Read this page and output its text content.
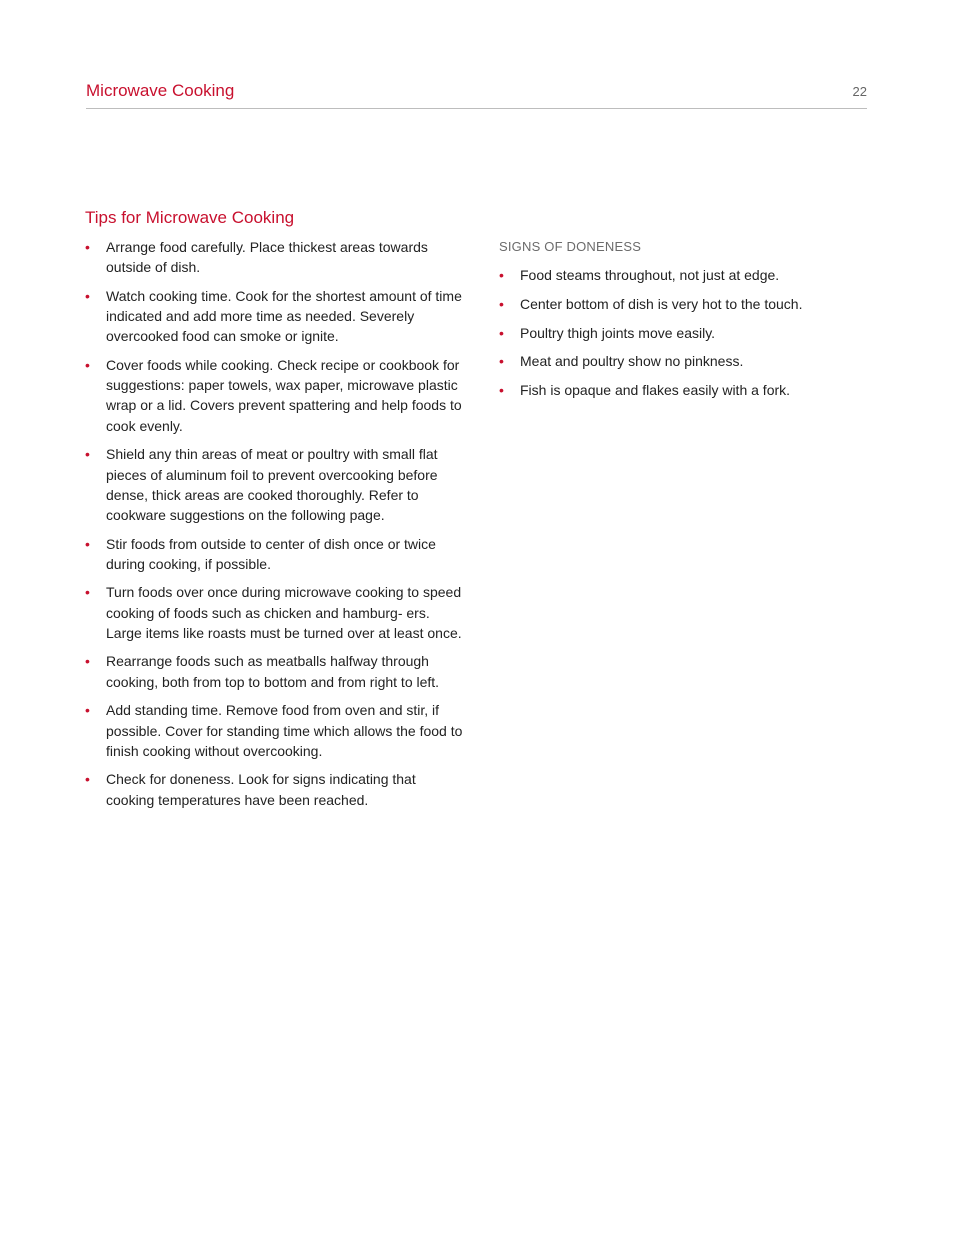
Microwave Cooking	22
Tips for Microwave Cooking
• Arrange food carefully. Place thickest areas towards outside of dish.
• Watch cooking time. Cook for the shortest amount of time indicated and add more time as needed. Severely overcooked food can smoke or ignite.
• Cover foods while cooking. Check recipe or cookbook for suggestions: paper towels, wax paper, microwave plastic wrap or a lid. Covers prevent spattering and help foods to cook evenly.
• Shield any thin areas of meat or poultry with small flat pieces of aluminum foil to prevent overcooking before dense, thick areas are cooked thoroughly. Refer to cookware suggestions on the following page.
• Stir foods from outside to center of dish once or twice during cooking, if possible.
• Turn foods over once during microwave cooking to speed cooking of foods such as chicken and hamburg- ers. Large items like roasts must be turned over at least once.
• Rearrange foods such as meatballs halfway through cooking, both from top to bottom and from right to left.
• Add standing time. Remove food from oven and stir, if possible. Cover for standing time which allows the food to finish cooking without overcooking.
• Check for doneness. Look for signs indicating that cooking temperatures have been reached.
SIGNS OF DONENESS
• Food steams throughout, not just at edge.
• Center bottom of dish is very hot to the touch.
• Poultry thigh joints move easily.
• Meat and poultry show no pinkness.
• Fish is opaque and flakes easily with a fork.
